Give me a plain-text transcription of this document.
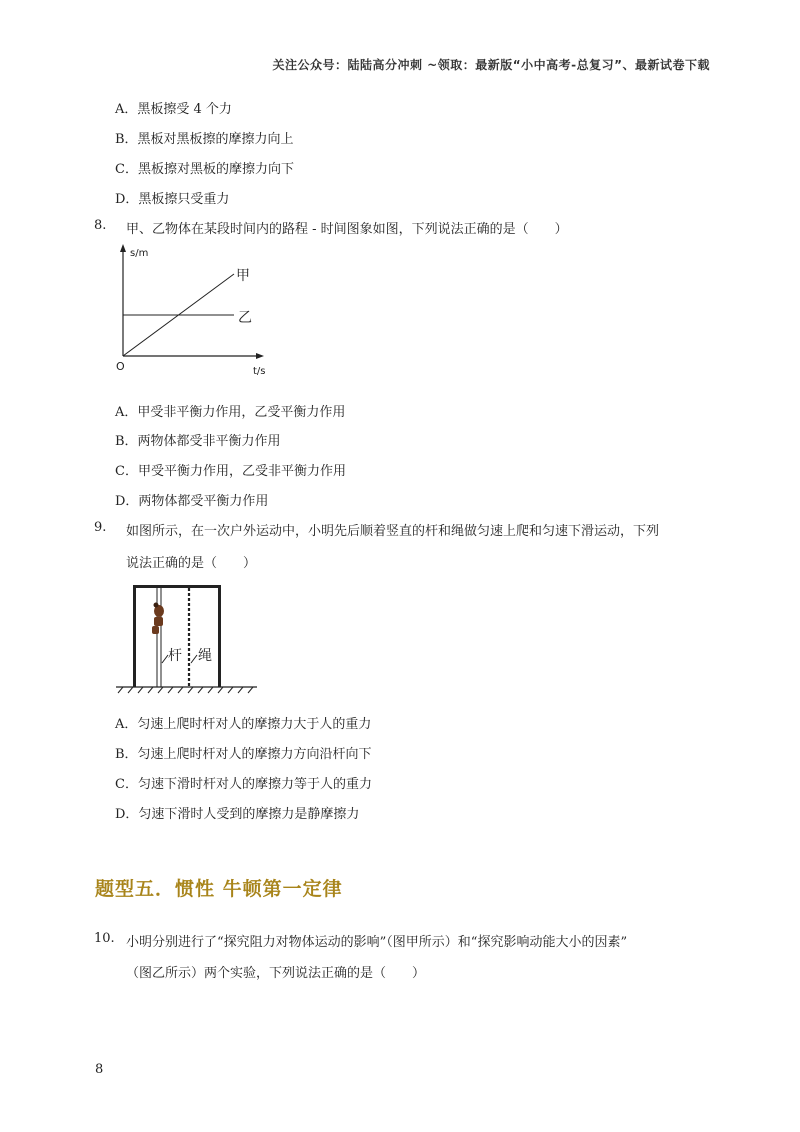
关注公众号：陆陆高分冲刺 ~领取：最新版“小中高考-总复习”、最新试卷下载
A．黑板擦受 4 个力
B．黑板对黑板擦的摩擦力向上
C．黑板擦对黑板的摩擦力向下
D．黑板擦只受重力
8. 甲、乙物体在某段时间内的路程 - 时间图象如图，下列说法正确的是（　　）
s/m
t/s
O
甲
乙
A．甲受非平衡力作用，乙受平衡力作用
B．两物体都受非平衡力作用
C．甲受平衡力作用，乙受非平衡力作用
D．两物体都受平衡力作用
9. 如图所示，在一次户外运动中，小明先后顺着竖直的杆和绳做匀速上爬和匀速下滑运动，下列
说法正确的是（　　）
杆 绳
A．匀速上爬时杆对人的摩擦力大于人的重力
B．匀速上爬时杆对人的摩擦力方向沿杆向下
C．匀速下滑时杆对人的摩擦力等于人的重力
D．匀速下滑时人受到的摩擦力是静摩擦力
题型五．惯性 牛顿第一定律
10. 小明分别进行了“探究阻力对物体运动的影响”（图甲所示）和“探究影响动能大小的因素”
（图乙所示）两个实验，下列说法正确的是（　　）
8
